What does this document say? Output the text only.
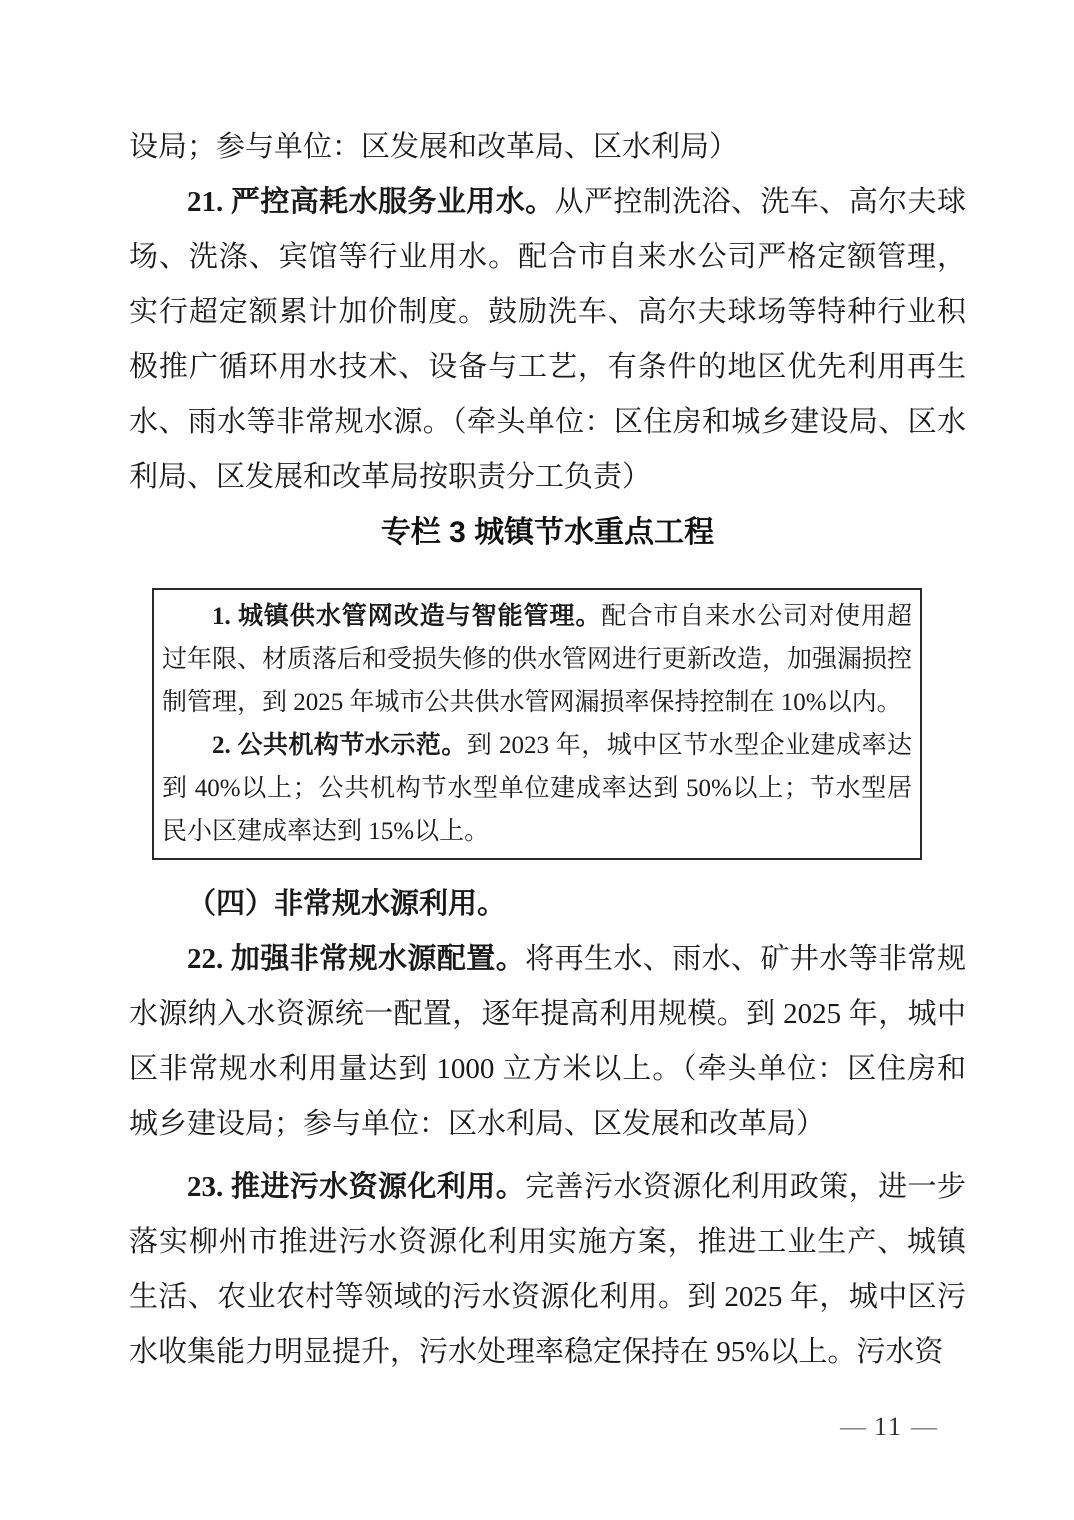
设局；参与单位：区发展和改革局、区水利局）

21. 严控高耗水服务业用水。从严控制洗浴、洗车、高尔夫球场、洗涤、宾馆等行业用水。配合市自来水公司严格定额管理，实行超定额累计加价制度。鼓励洗车、高尔夫球场等特种行业积极推广循环用水技术、设备与工艺，有条件的地区优先利用再生水、雨水等非常规水源。（牵头单位：区住房和城乡建设局、区水利局、区发展和改革局按职责分工负责）

专栏 3 城镇节水重点工程

1. 城镇供水管网改造与智能管理。配合市自来水公司对使用超过年限、材质落后和受损失修的供水管网进行更新改造，加强漏损控制管理，到 2025 年城市公共供水管网漏损率保持控制在 10%以内。

2. 公共机构节水示范。到 2023 年，城中区节水型企业建成率达到 40%以上；公共机构节水型单位建成率达到 50%以上；节水型居民小区建成率达到 15%以上。

（四）非常规水源利用。

22. 加强非常规水源配置。将再生水、雨水、矿井水等非常规水源纳入水资源统一配置，逐年提高利用规模。到 2025 年，城中区非常规水利用量达到 1000 立方米以上。（牵头单位：区住房和城乡建设局；参与单位：区水利局、区发展和改革局）

23. 推进污水资源化利用。完善污水资源化利用政策，进一步落实柳州市推进污水资源化利用实施方案，推进工业生产、城镇生活、农业农村等领域的污水资源化利用。到 2025 年，城中区污水收集能力明显提升，污水处理率稳定保持在 95%以上。污水资

— 11 —
